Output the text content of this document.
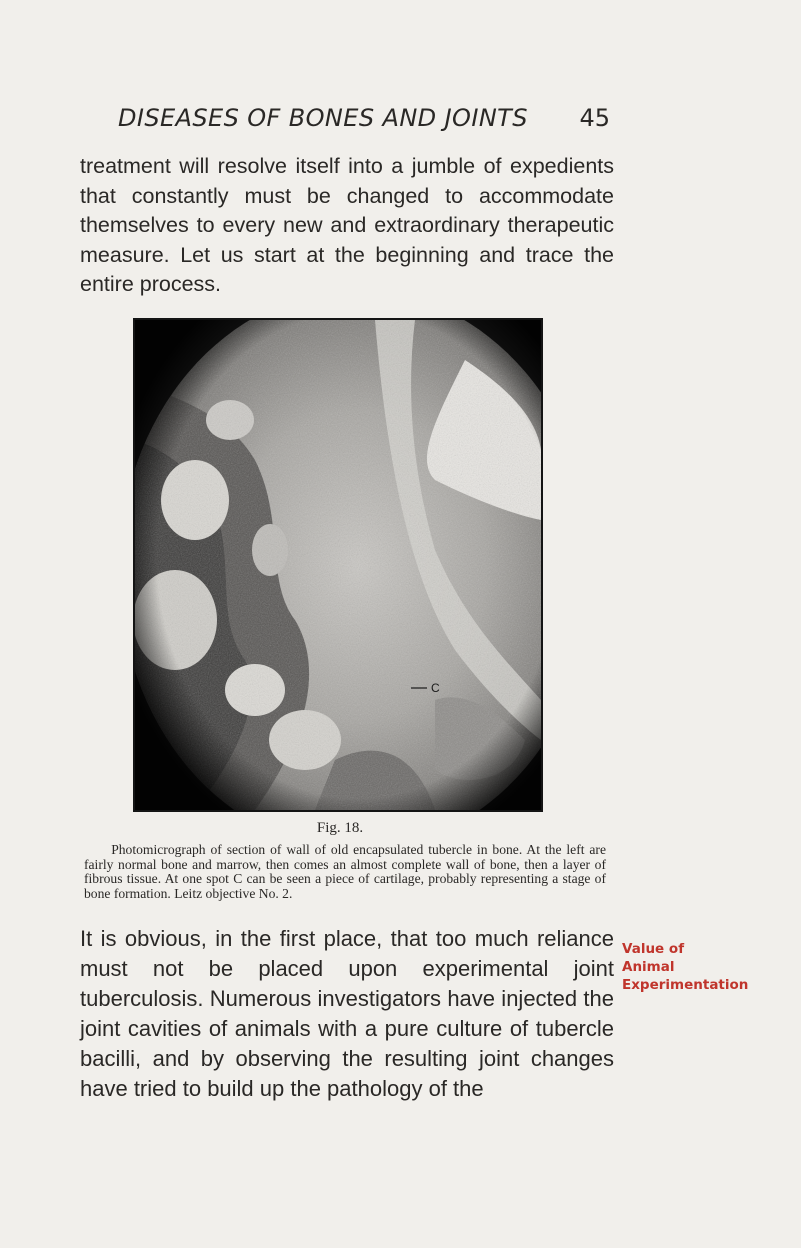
DISEASES OF BONES AND JOINTS 45

treatment will resolve itself into a jumble of expedients that constantly must be changed to accommodate themselves to every new and extraordinary therapeutic measure. Let us start at the beginning and trace the entire process.

C
Fig. 18.

Photomicrograph of section of wall of old encapsulated tubercle in bone. At the left are fairly normal bone and marrow, then comes an almost complete wall of bone, then a layer of fibrous tissue. At one spot C can be seen a piece of cartilage, probably representing a stage of bone formation. Leitz objective No. 2.

It is obvious, in the first place, that too much reliance must not be placed upon experimental joint tuberculosis. Numerous investigators have injected the joint cavities of animals with a pure culture of tubercle bacilli, and by observing the resulting joint changes have tried to build up the pathology of the

Value of
Animal
Experimentation
